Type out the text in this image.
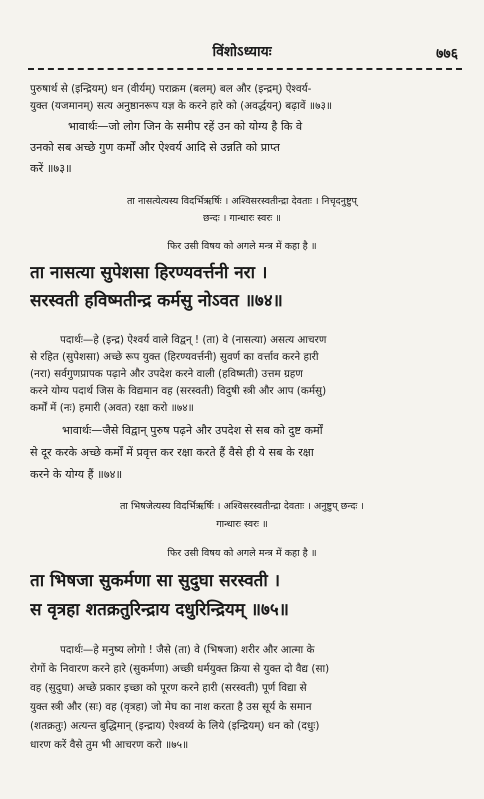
विंशोऽध्यायः	७७६
पुरुषार्थ से (इन्द्रियम्) धन (वीर्यम्) पराक्रम (बलम्) बल और (इन्द्रम्) ऐश्वर्य-
युक्त (यजमानम्) सत्य अनुष्ठानरूप यज्ञ के करने हारे को (अवर्द्धयन्) बढ़ावें ॥७३॥
भावार्थः—जो लोग जिन के समीप रहें उन को योग्य है कि वे
उनको सब अच्छे गुण कर्मों और ऐश्वर्य आदि से उन्नति को प्राप्त
करें ॥७३॥
ता नासत्येत्यस्य विदर्भिऋर्षिः । अश्विसरस्वतीन्द्रा देवताः । निचृदनुष्टुप्
छन्दः । गान्धारः स्वरः ॥
फिर उसी विषय को अगले मन्त्र में कहा है ॥
ता नासत्या सुपेशसा हिरण्यवर्त्तनी नरा ।
सरस्वती हविष्मतीन्द्र कर्मसु नोऽवत ॥७४॥
पदार्थः—हे (इन्द्र) ऐश्वर्य वाले विद्वन् ! (ता) वे (नासत्या) असत्य आचरण
से रहित (सुपेशसा) अच्छे रूप युक्त (हिरण्यवर्त्तनी) सुवर्ण का वर्त्ताव करने हारी
(नरा) सर्वगुणप्रापक पढ़ाने और उपदेश करने वाली (हविष्मती) उत्तम ग्रहण
करने योग्य पदार्थ जिस के विद्यमान वह (सरस्वती) विदुषी स्त्री और आप (कर्मसु)
कर्मों में (नः) हमारी (अवत) रक्षा करो ॥७४॥
भावार्थः—जैसे विद्वान् पुरुष पढ़ने और उपदेश से सब को दुष्ट कर्मों
से दूर करके अच्छे कर्मों में प्रवृत्त कर रक्षा करते हैं वैसे ही ये सब के रक्षा
करने के योग्य हैं ॥७४॥
ता भिषजेत्यस्य विदर्भिऋर्षिः । अश्विसरस्वतीन्द्रा देवताः । अनुष्टुप् छन्दः ।
गान्धारः स्वरः ॥
फिर उसी विषय को अगले मन्त्र में कहा है ॥
ता भिषजा सुकर्मणा सा सुदुघा सरस्वती ।
स वृत्रहा शतक्रतुरिन्द्राय दधुरिन्द्रियम् ॥७५॥
पदार्थः—हे मनुष्य लोगो ! जैसे (ता) वे (भिषजा) शरीर और आत्मा के
रोगों के निवारण करने हारे (सुकर्मणा) अच्छी धर्मयुक्त क्रिया से युक्त दो वैद्य (सा)
वह (सुदुघा) अच्छे प्रकार इच्छा को पूरण करने हारी (सरस्वती) पूर्ण विद्या से
युक्त स्त्री और (सः) वह (वृत्रहा) जो मेघ का नाश करता है उस सूर्य के समान
(शतक्रतुः) अत्यन्त बुद्धिमान् (इन्द्राय) ऐश्वर्य्य के लिये (इन्द्रियम्) धन को (दधुः)
धारण करें वैसे तुम भी आचरण करो ॥७५॥
